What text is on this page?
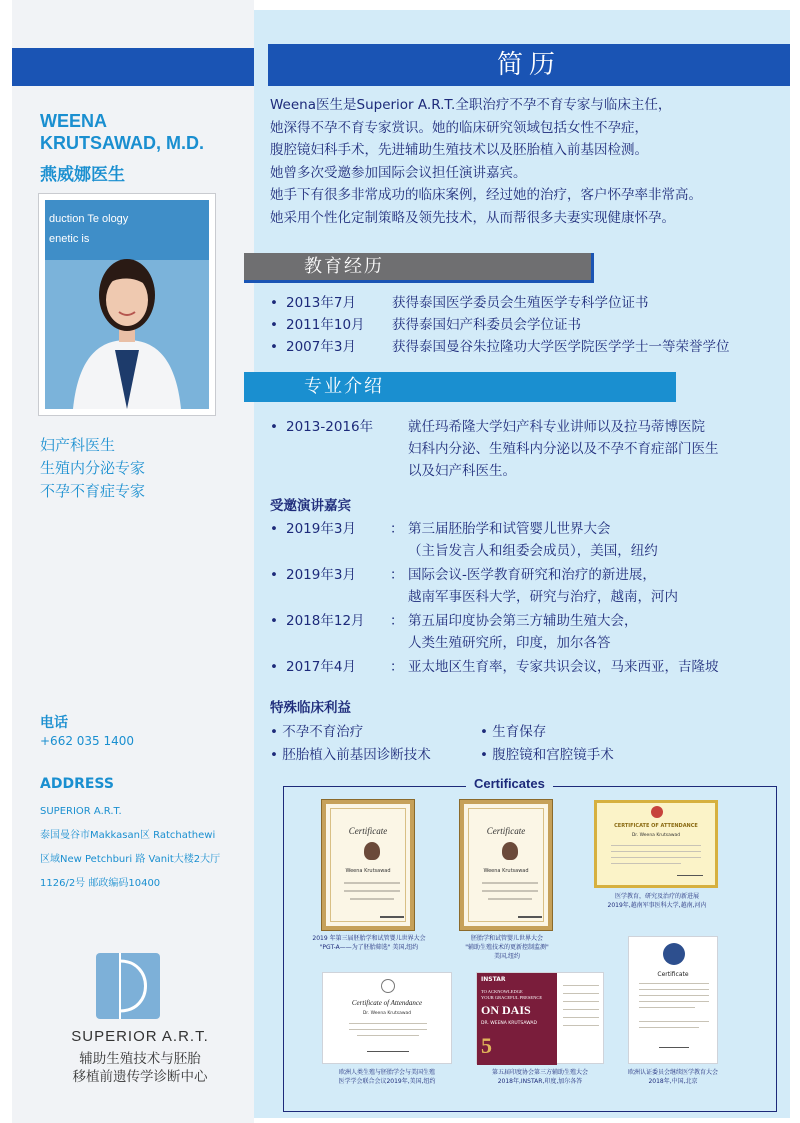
WEENA
KRUTSAWAD, M.D.
燕威娜医生
duction Te ology
enetic is
妇产科医生
生殖内分泌专家
不孕不育症专家
电话
+662 035 1400
ADDRESS
SUPERIOR A.R.T.
泰国曼谷市Makkasan区 Ratchathewi
区域New Petchburi 路 Vanit大楼2大厅
1126/2号 邮政编码10400
SUPERIOR A.R.T.
辅助生殖技术与胚胎
移植前遗传学诊断中心
简历
Weena医生是Superior A.R.T.全职治疗不孕不育专家与临床主任，
她深得不孕不育专家赏识。她的临床研究领域包括女性不孕症，
腹腔镜妇科手术，先进辅助生殖技术以及胚胎植入前基因检测。
她曾多次受邀参加国际会议担任演讲嘉宾。
她手下有很多非常成功的临床案例，经过她的治疗，客户怀孕率非常高。
她采用个性化定制策略及领先技术，从而帮很多夫妻实现健康怀孕。
教育经历
• 2013年7月	获得泰国医学委员会生殖医学专科学位证书
• 2011年10月	获得泰国妇产科委员会学位证书
• 2007年3月	获得泰国曼谷朱拉隆功大学医学院医学学士一等荣誉学位
专业介绍
• 2013-2016年	就任玛希隆大学妇产科专业讲师以及拉马蒂博医院
妇科内分泌、生殖科内分泌以及不孕不育症部门医生
以及妇产科医生。
受邀演讲嘉宾
• 2019年3月	： 第三届胚胎学和试管婴儿世界大会
（主旨发言人和组委会成员），美国，纽约
• 2019年3月	： 国际会议-医学教育研究和治疗的新进展，
越南军事医科大学，研究与治疗，越南，河内
• 2018年12月	： 第五届印度协会第三方辅助生殖大会，
人类生殖研究所，印度，加尔各答
• 2017年4月	： 亚太地区生育率，专家共识会议，马来西亚，吉隆坡
特殊临床利益
• 不孕不育治疗	• 生育保存
• 胚胎植入前基因诊断技术	• 腹腔镜和宫腔镜手术
Certificates
Certificate
Weena Krutsawad
2019 年第三届胚胎学和试管婴儿世界大会
"PGT-A——为了胚胎筛选" 美国,纽约
Certificate
Weena Krutsawad
胚胎学和试管婴儿世界大会
"辅助生殖技术的更新控制监测"
美国,纽约
CERTIFICATE OF ATTENDANCE
Dr. Weena Krutsawad
医学教育，研究及治疗的新进展
2019年,越南军事医科大学,越南,河内
Certificate of Attendance
Dr. Weena Krutsawad
欧洲人类生殖与胚胎学会与美国生殖
医学学会联合会议2019年,美国,纽约
INSTAR
TO ACKNOWLEDGE
YOUR GRACEFUL PRESENCE
ON DAIS
DR. WEENA KRUTSAWAD
5
第五届印度协会第三方辅助生殖大会
2018年,INSTAR,印度,加尔各答
Certificate
欧洲认证委员会继续医学教育大会
2018年,中国,北京
